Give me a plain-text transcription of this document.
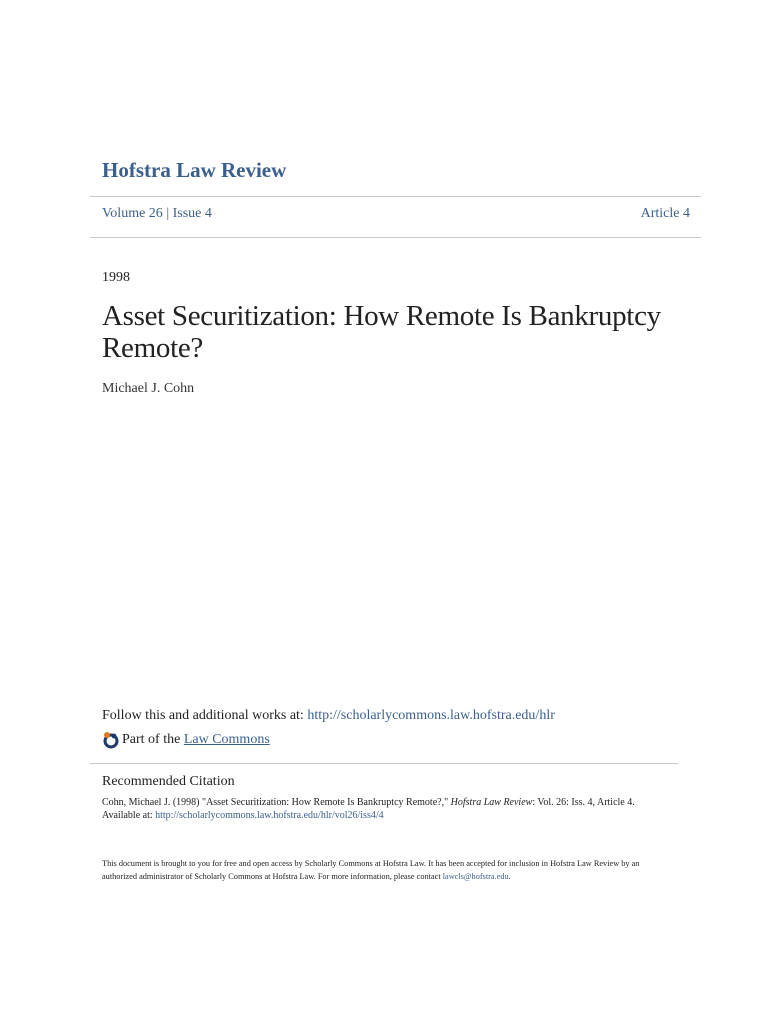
Hofstra Law Review
Volume 26 | Issue 4	Article 4
1998
Asset Securitization: How Remote Is Bankruptcy Remote?
Michael J. Cohn
Follow this and additional works at: http://scholarlycommons.law.hofstra.edu/hlr
Part of the
Law Commons
Recommended Citation
Cohn, Michael J. (1998) "Asset Securitization: How Remote Is Bankruptcy Remote?," Hofstra Law Review: Vol. 26: Iss. 4, Article 4.
Available at: http://scholarlycommons.law.hofstra.edu/hlr/vol26/iss4/4
This document is brought to you for free and open access by Scholarly Commons at Hofstra Law. It has been accepted for inclusion in Hofstra Law Review by an authorized administrator of Scholarly Commons at Hofstra Law. For more information, please contact lawcls@hofstra.edu.
